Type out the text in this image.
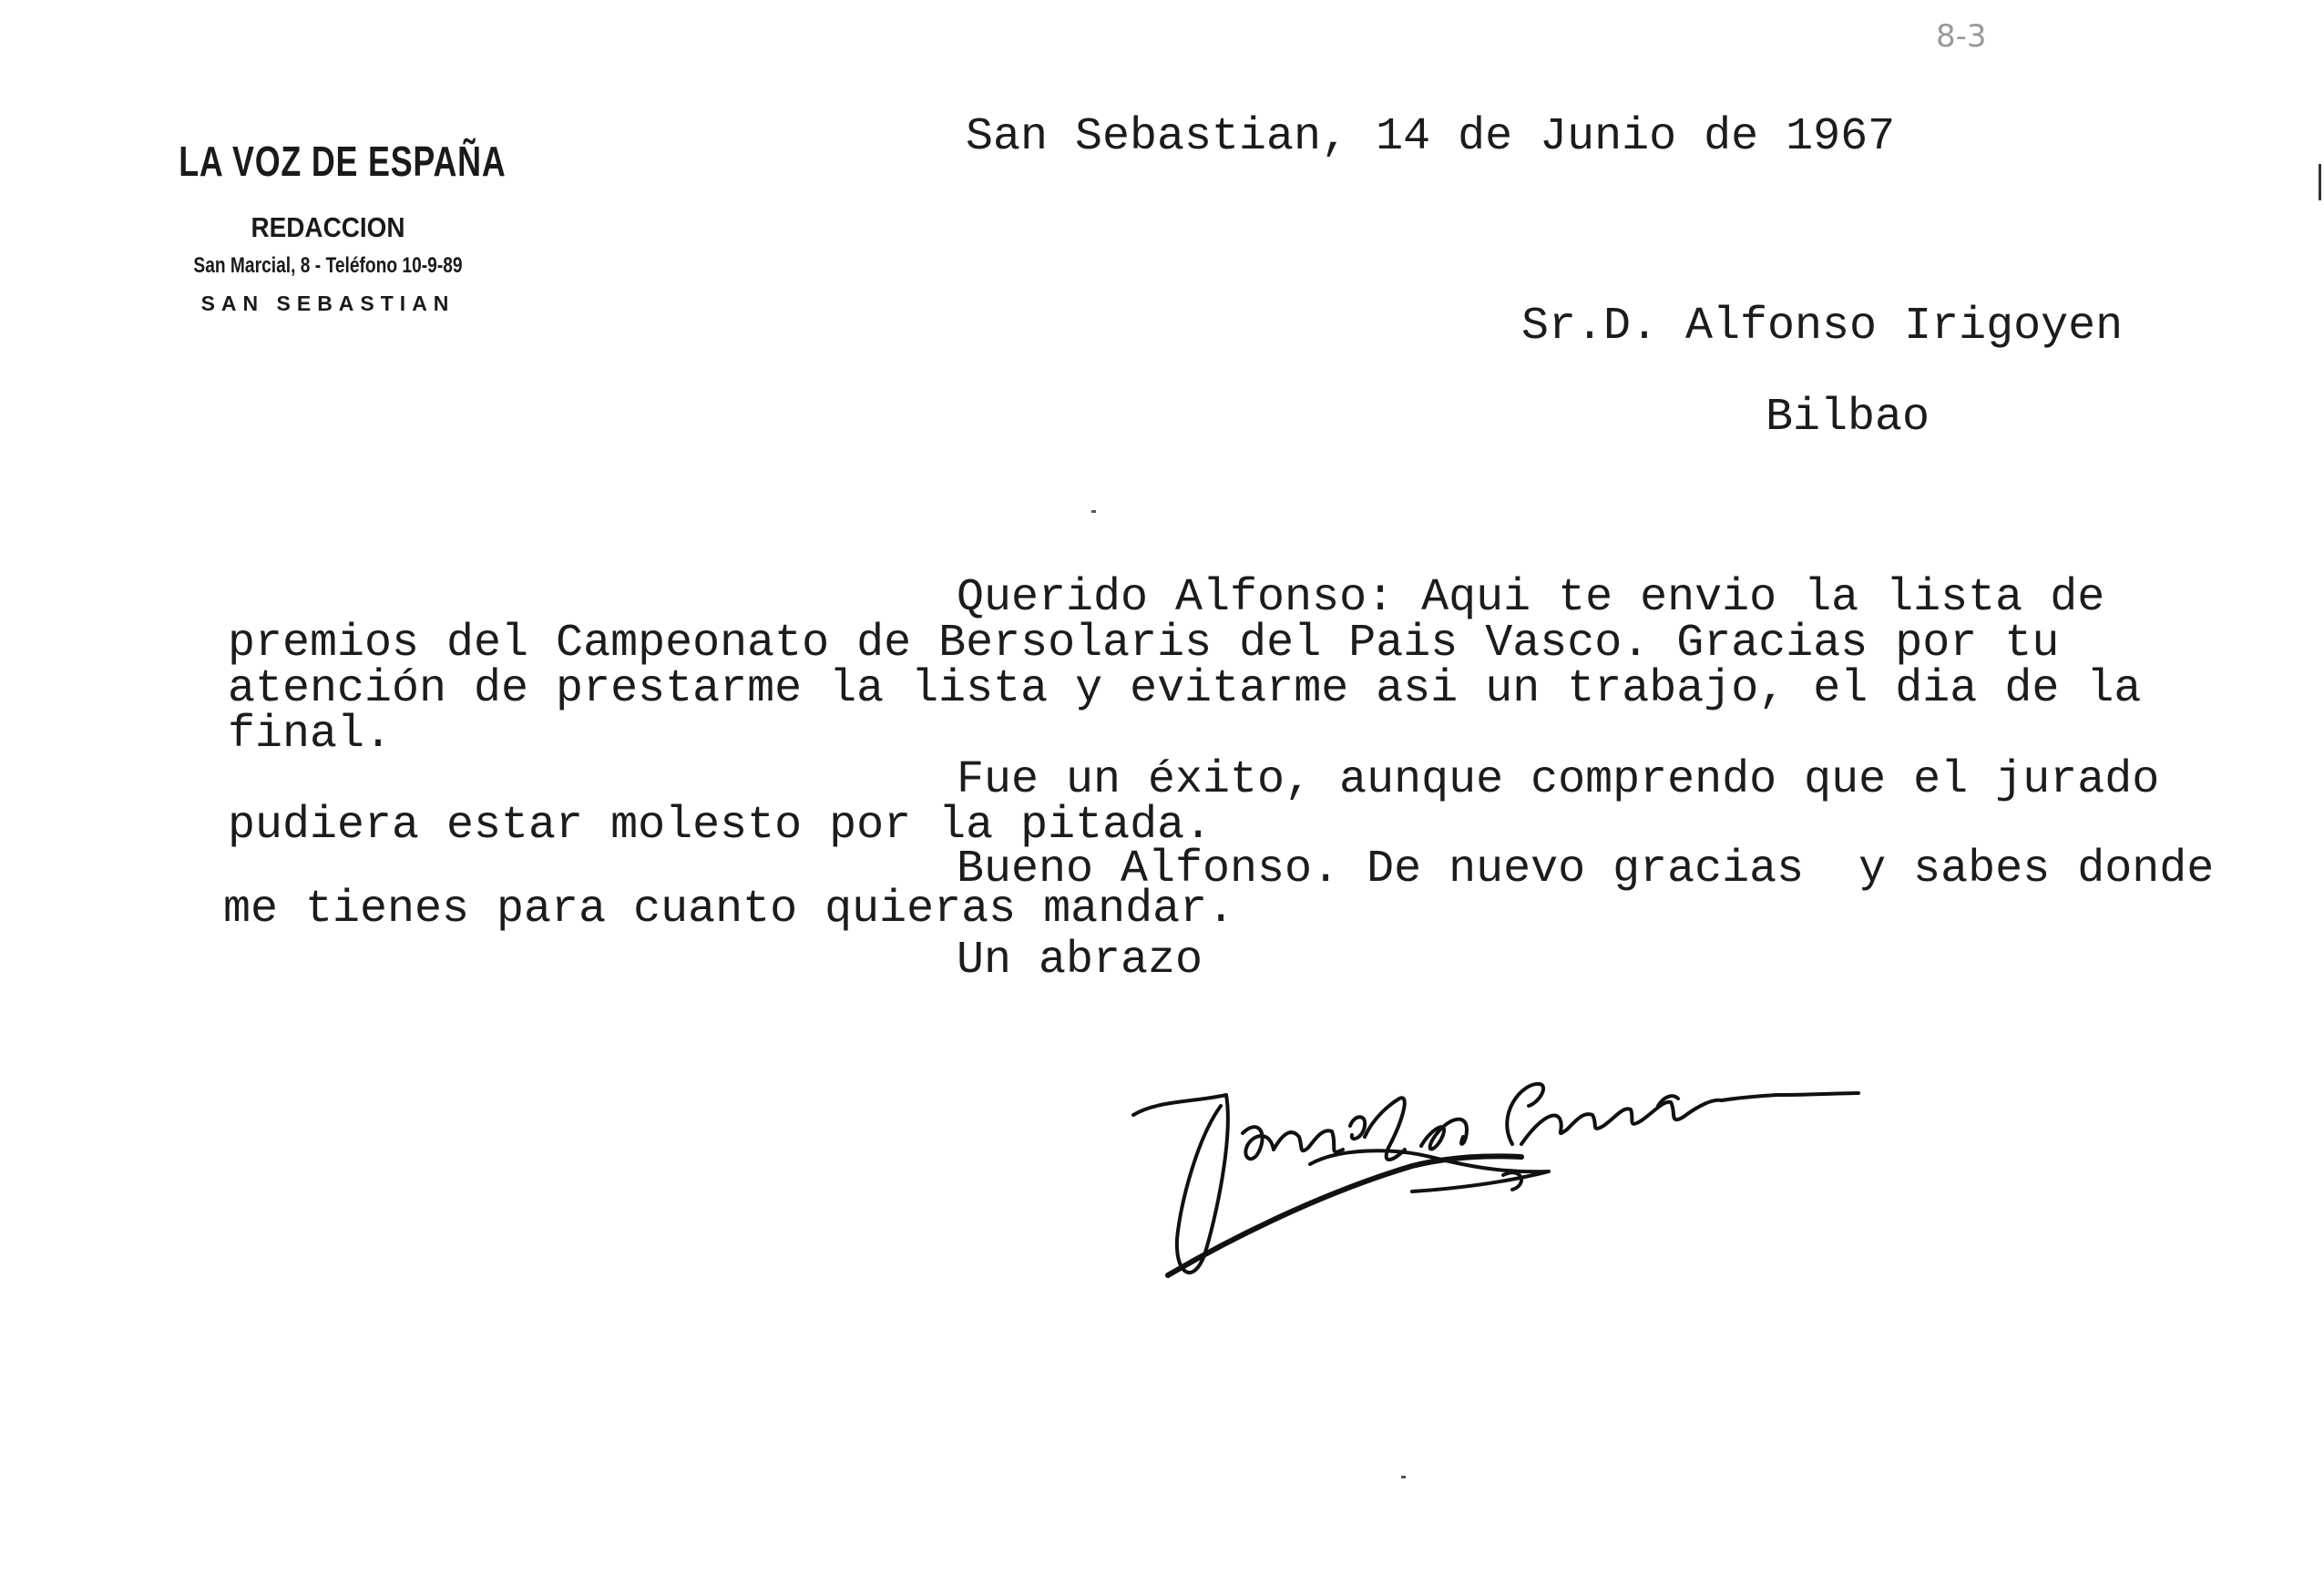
8-3
LA VOZ DE ESPAÑA
REDACCION
San Marcial, 8 - Teléfono 10-9-89
SAN SEBASTIAN
San Sebastian, 14 de Junio de 1967
Sr.D. Alfonso Irigoyen
Bilbao
Querido Alfonso: Aqui te envio la lista de
premios del Campeonato de Bersolaris del Pais Vasco. Gracias por tu
atención de prestarme la lista y evitarme asi un trabajo, el dia de la
final.
Fue un éxito, aunque comprendo que el jurado
pudiera estar molesto por la pitada.
Bueno Alfonso. De nuevo gracias  y sabes donde
me tienes para cuanto quieras mandar.
Un abrazo
